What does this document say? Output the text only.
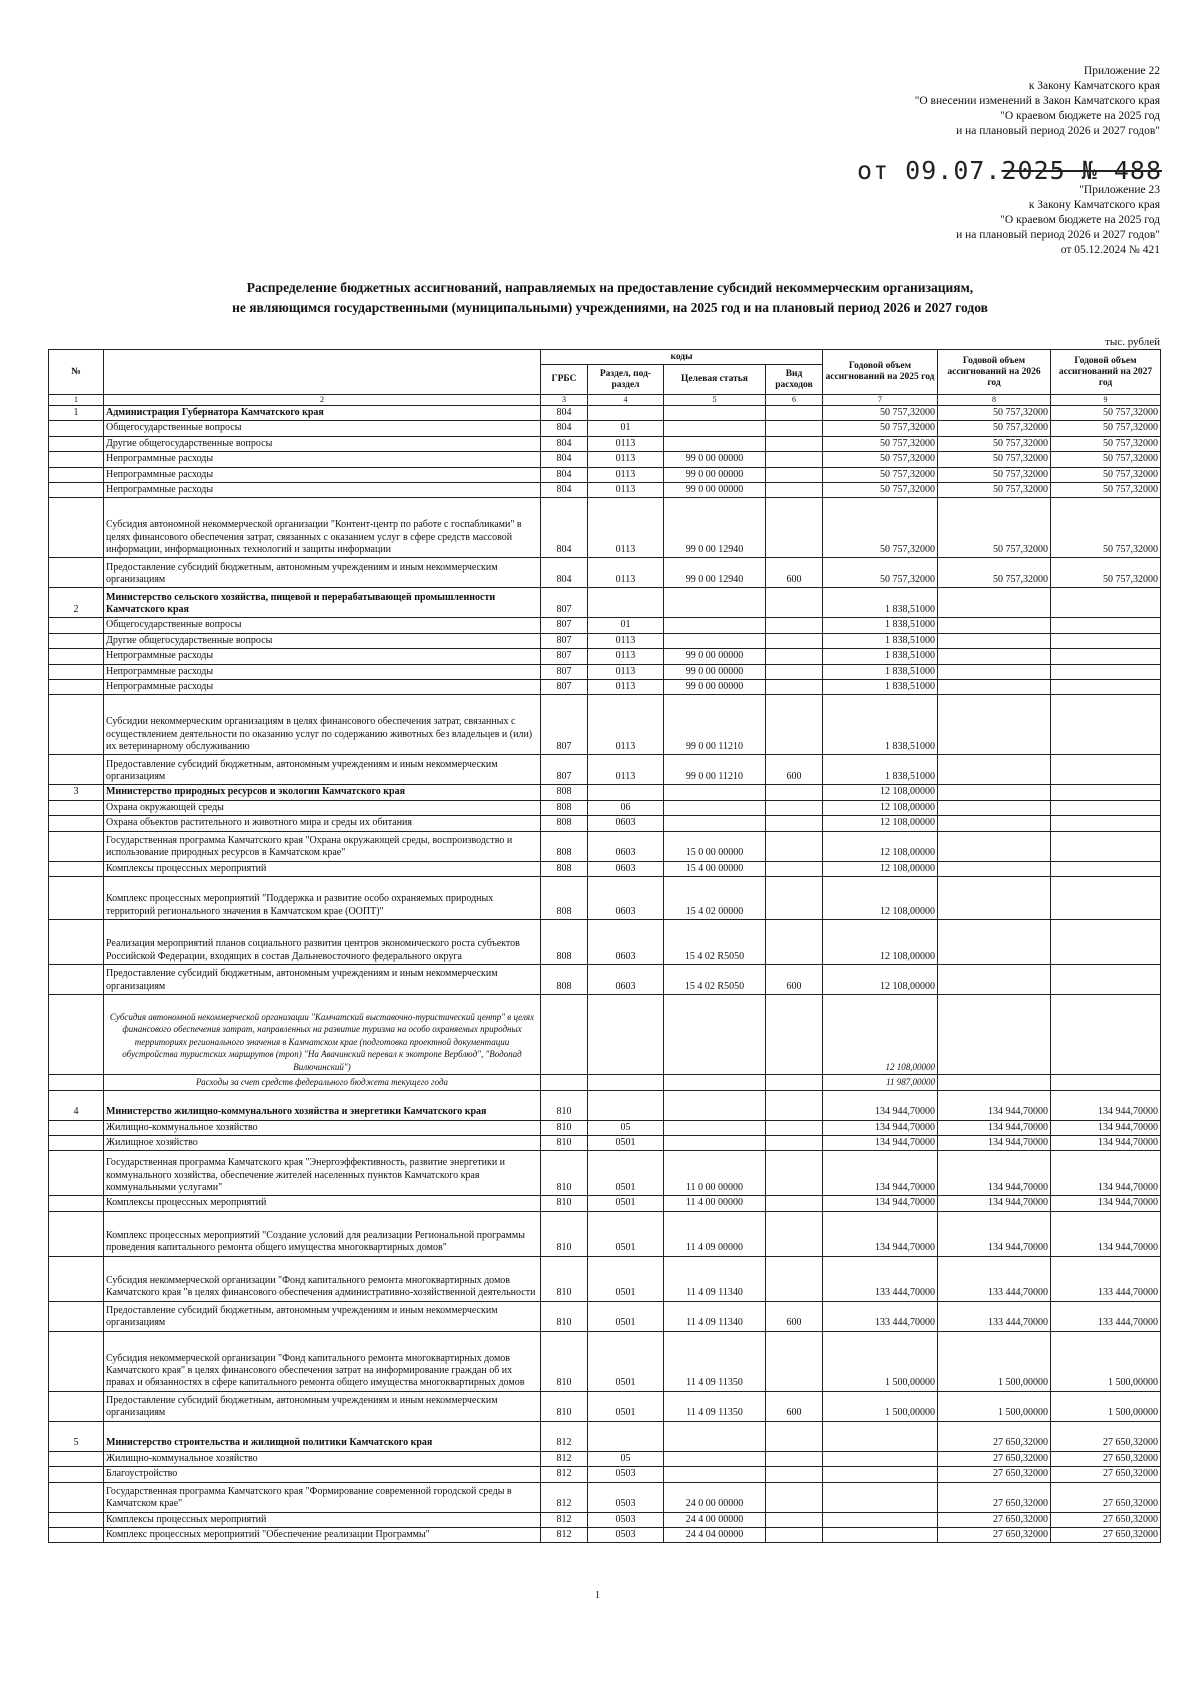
Приложение 22
к Закону Камчатского края
"О внесении изменений в Закон Камчатского края
"О краевом бюджете на 2025 год
и на плановый период 2026 и 2027 годов"
от 09.07.2025 № 488
"Приложение 23
к Закону Камчатского края
"О краевом бюджете на 2025 год
и на плановый период 2026 и 2027 годов"
от 05.12.2024 № 421
Распределение бюджетных ассигнований, направляемых на предоставление субсидий некоммерческим организациям,
не являющимся государственными (муниципальными) учреждениями, на 2025 год и на плановый период 2026 и 2027 годов
тыс. рублей
№		коды				Годовой объем ассигнований на 2025 год	Годовой объем ассигнований на 2026 год	Годовой объем ассигнований на 2027 год
		ГРБС	Раздел, под-раздел	Целевая статья	Вид расходов			
1	2	3	4	5	6	7	8	9
1	Администрация Губернатора Камчатского края	804				50 757,32000	50 757,32000	50 757,32000
	Общегосударственные вопросы	804	01			50 757,32000	50 757,32000	50 757,32000
	Другие общегосударственные вопросы	804	0113			50 757,32000	50 757,32000	50 757,32000
	Непрограммные расходы	804	0113	99 0 00 00000		50 757,32000	50 757,32000	50 757,32000
	Непрограммные расходы	804	0113	99 0 00 00000		50 757,32000	50 757,32000	50 757,32000
	Непрограммные расходы	804	0113	99 0 00 00000		50 757,32000	50 757,32000	50 757,32000
	Субсидия автономной некоммерческой организации "Контент-центр по работе с госпабликами" в целях финансового обеспечения затрат, связанных с оказанием услуг в сфере средств массовой информации, информационных технологий и защиты информации	804	0113	99 0 00 12940		50 757,32000	50 757,32000	50 757,32000
	Предоставление субсидий бюджетным, автономным учреждениям и иным некоммерческим организациям	804	0113	99 0 00 12940	600	50 757,32000	50 757,32000	50 757,32000
2	Министерство сельского хозяйства, пищевой и перерабатывающей промышленности Камчатского края	807				1 838,51000		
	Общегосударственные вопросы	807	01			1 838,51000		
	Другие общегосударственные вопросы	807	0113			1 838,51000		
	Непрограммные расходы	807	0113	99 0 00 00000		1 838,51000		
	Непрограммные расходы	807	0113	99 0 00 00000		1 838,51000		
	Непрограммные расходы	807	0113	99 0 00 00000		1 838,51000		
	Субсидии некоммерческим организациям в целях финансового обеспечения затрат, связанных с осуществлением деятельности по оказанию услуг по содержанию животных без владельцев и (или) их ветеринарному обслуживанию	807	0113	99 0 00 11210		1 838,51000		
	Предоставление субсидий бюджетным, автономным учреждениям и иным некоммерческим организациям	807	0113	99 0 00 11210	600	1 838,51000		
3	Министерство природных ресурсов и экологии Камчатского края	808				12 108,00000		
	Охрана окружающей среды	808	06			12 108,00000		
	Охрана объектов растительного и животного мира и среды их обитания	808	0603			12 108,00000		
	Государственная программа Камчатского края "Охрана окружающей среды, воспроизводство и использование природных ресурсов в Камчатском крае"	808	0603	15 0 00 00000		12 108,00000		
	Комплексы процессных мероприятий	808	0603	15 4 00 00000		12 108,00000		
	Комплекс процессных мероприятий "Поддержка и развитие особо охраняемых природных территорий регионального значения в Камчатском крае (ООПТ)"	808	0603	15 4 02 00000		12 108,00000		
	Реализация мероприятий планов социального развития центров экономического роста субъектов Российской Федерации, входящих в состав Дальневосточного федерального округа	808	0603	15 4 02 R5050		12 108,00000		
	Предоставление субсидий бюджетным, автономным учреждениям и иным некоммерческим организациям	808	0603	15 4 02 R5050	600	12 108,00000		
	Субсидия автономной некоммерческой организации "Камчатский выставочно-туристический центр" в целях финансового обеспечения затрат, направленных на развитие туризма на особо охраняемых природных территориях регионального значения в Камчатском крае (подготовка проектной документации обустройства туристских маршрутов (троп) "На Авачинский перевал к экотропе Верблюд", "Водопад Вилючинский")					12 108,00000		
	Расходы за счет средств федерального бюджета текущего года					11 987,00000		
4	Министерство жилищно-коммунального хозяйства и энергетики Камчатского края	810				134 944,70000	134 944,70000	134 944,70000
	Жилищно-коммунальное хозяйство	810	05			134 944,70000	134 944,70000	134 944,70000
	Жилищное хозяйство	810	0501			134 944,70000	134 944,70000	134 944,70000
	Государственная программа Камчатского края "Энергоэффективность, развитие энергетики и коммунального хозяйства, обеспечение жителей населенных пунктов Камчатского края коммунальными услугами"	810	0501	11 0 00 00000		134 944,70000	134 944,70000	134 944,70000
	Комплексы процессных мероприятий	810	0501	11 4 00 00000		134 944,70000	134 944,70000	134 944,70000
	Комплекс процессных мероприятий "Создание условий для реализации Региональной программы проведения капитального ремонта общего имущества многоквартирных домов"	810	0501	11 4 09 00000		134 944,70000	134 944,70000	134 944,70000
	Субсидия некоммерческой организации "Фонд капитального ремонта многоквартирных домов Камчатского края "в целях финансового обеспечения административно-хозяйственной деятельности	810	0501	11 4 09 11340		133 444,70000	133 444,70000	133 444,70000
	Предоставление субсидий бюджетным, автономным учреждениям и иным некоммерческим организациям	810	0501	11 4 09 11340	600	133 444,70000	133 444,70000	133 444,70000
	Субсидия некоммерческой организации "Фонд капитального ремонта многоквартирных домов Камчатского края" в целях финансового обеспечения затрат на информирование граждан об их правах и обязанностях в сфере капитального ремонта общего имущества многоквартирных домов	810	0501	11 4 09 11350		1 500,00000	1 500,00000	1 500,00000
	Предоставление субсидий бюджетным, автономным учреждениям и иным некоммерческим организациям	810	0501	11 4 09 11350	600	1 500,00000	1 500,00000	1 500,00000
5	Министерство строительства и жилищной политики Камчатского края	812					27 650,32000	27 650,32000
	Жилищно-коммунальное хозяйство	812	05				27 650,32000	27 650,32000
	Благоустройство	812	0503				27 650,32000	27 650,32000
	Государственная программа Камчатского края "Формирование современной городской среды в Камчатском крае"	812	0503	24 0 00 00000			27 650,32000	27 650,32000
	Комплексы процессных мероприятий	812	0503	24 4 00 00000			27 650,32000	27 650,32000
	Комплекс процессных мероприятий "Обеспечение реализации Программы"	812	0503	24 4 04 00000			27 650,32000	27 650,32000
1
